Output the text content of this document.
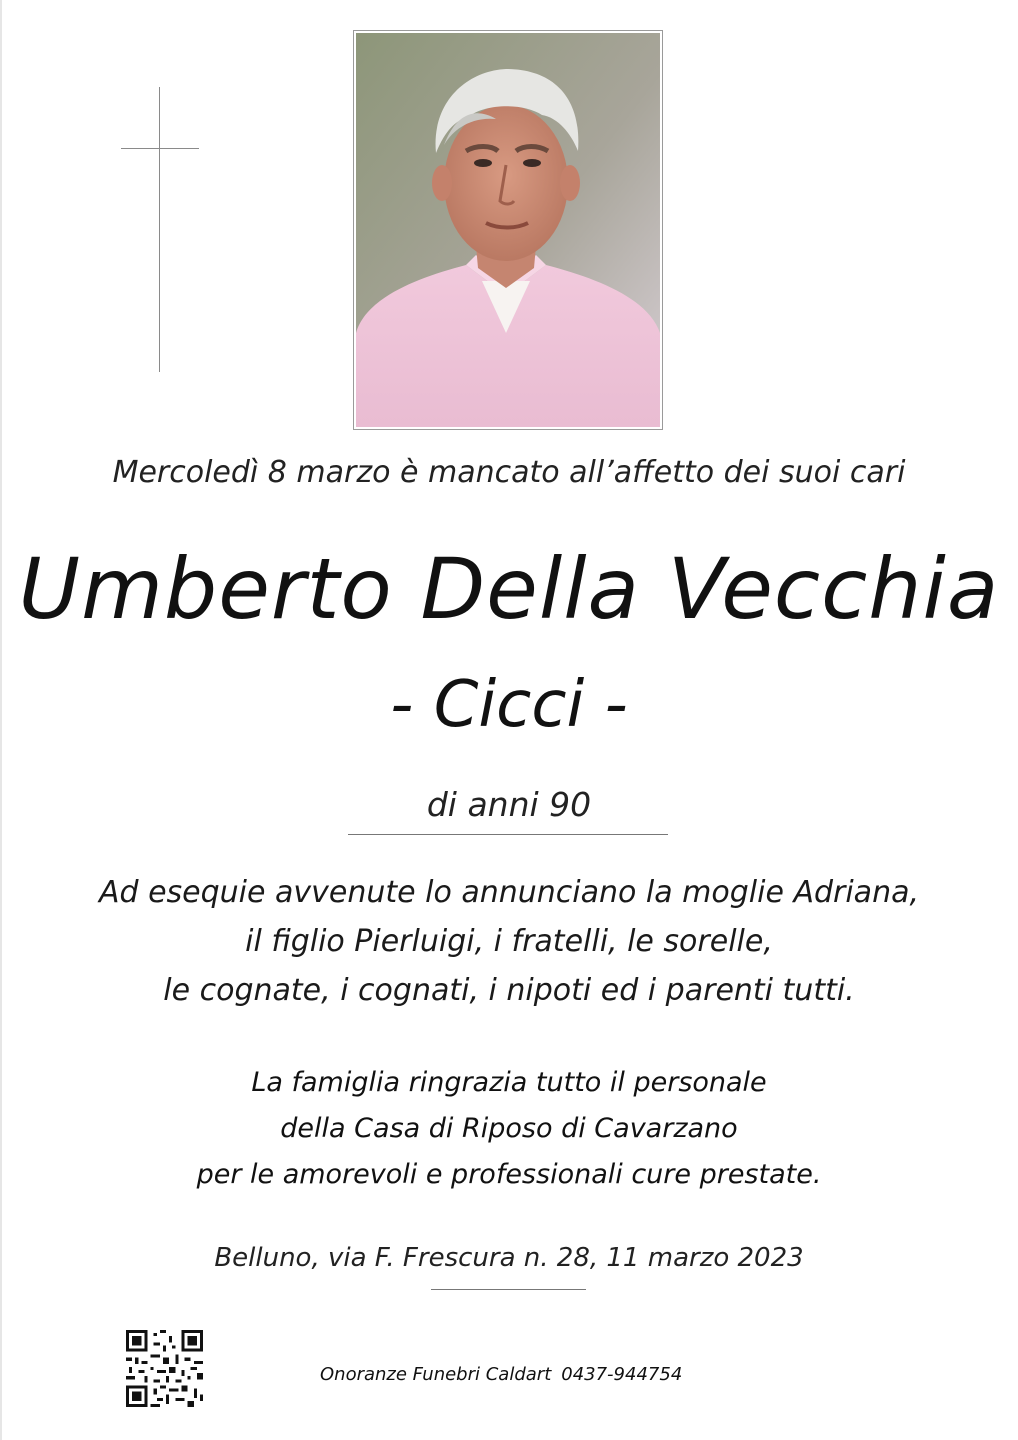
Mercoledì 8 marzo è mancato all’affetto dei suoi cari
Umberto Della Vecchia
- Cicci -
di anni 90
Ad esequie avvenute lo annunciano la moglie Adriana,
il figlio Pierluigi, i fratelli, le sorelle,
le cognate, i cognati, i nipoti ed i parenti tutti.
La famiglia ringrazia tutto il personale
della Casa di Riposo di Cavarzano
per le amorevoli e professionali cure prestate.
Belluno, via F. Frescura n. 28, 11 marzo 2023
Onoranze Funebri Caldart 0437-944754
